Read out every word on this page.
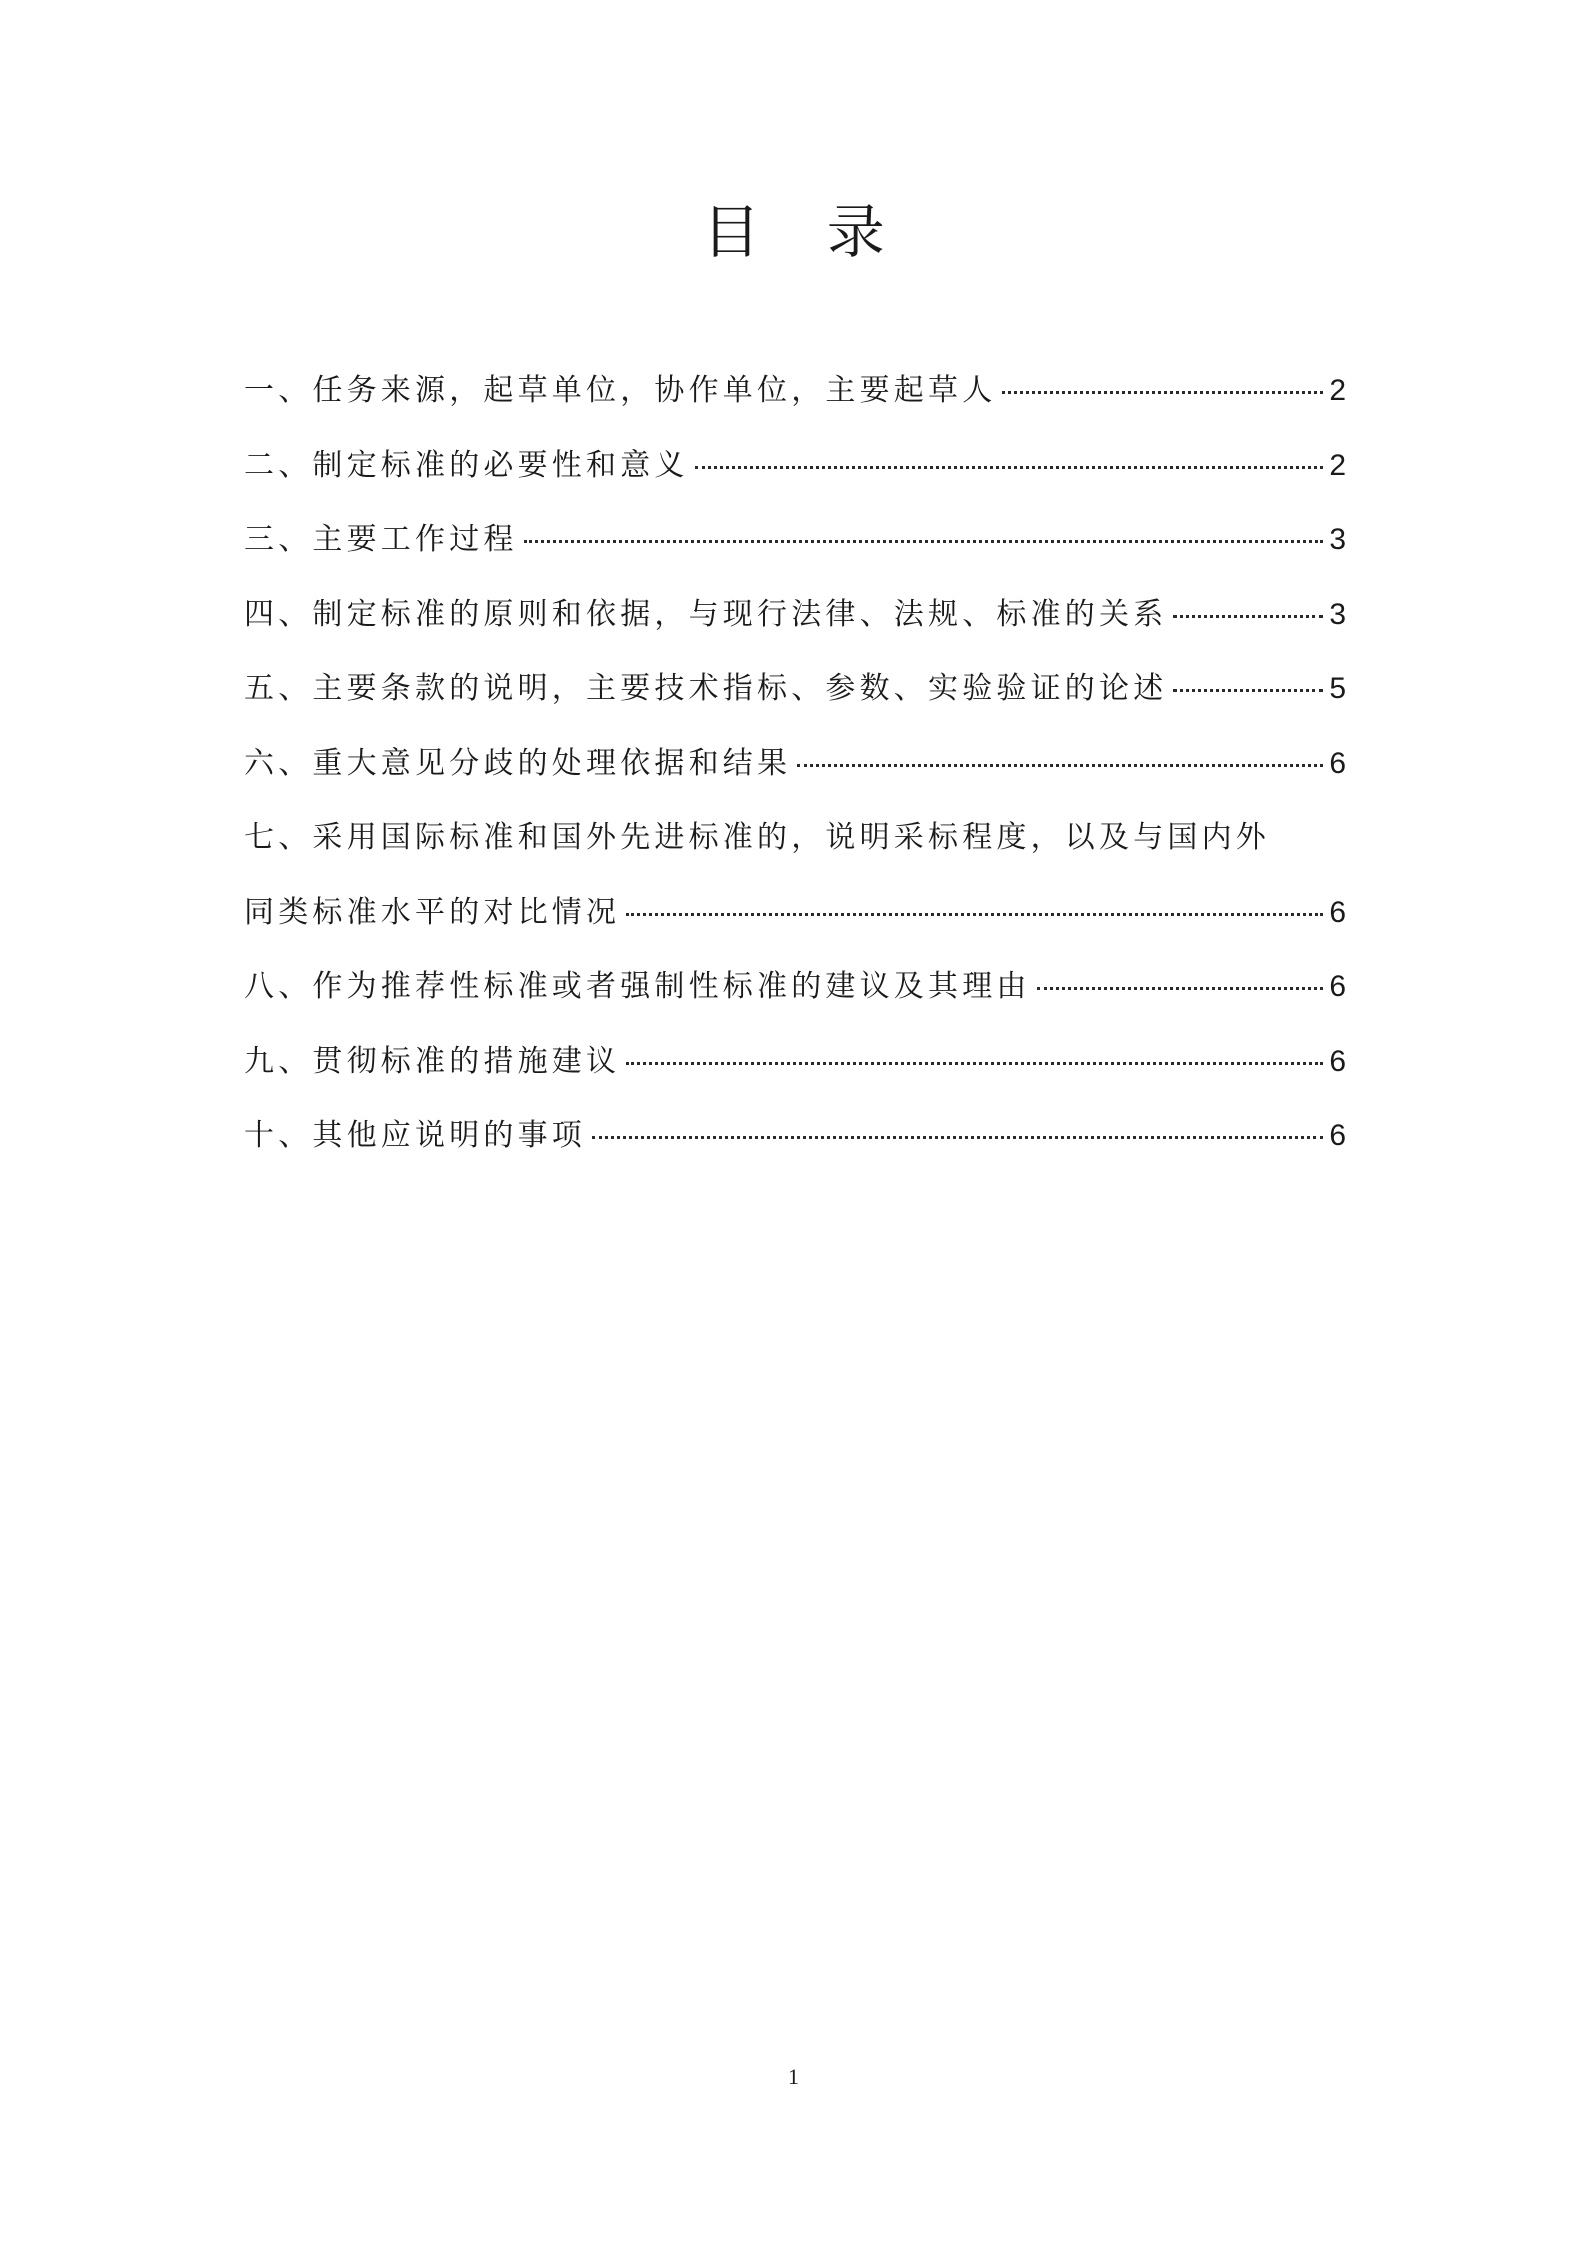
目 录
一、任务来源，起草单位，协作单位，主要起草人	2
二、制定标准的必要性和意义	2
三、主要工作过程	3
四、制定标准的原则和依据，与现行法律、法规、标准的关系	3
五、主要条款的说明，主要技术指标、参数、实验验证的论述	5
六、重大意见分歧的处理依据和结果	6
七、采用国际标准和国外先进标准的，说明采标程度，以及与国内外
同类标准水平的对比情况	6
八、作为推荐性标准或者强制性标准的建议及其理由	6
九、贯彻标准的措施建议	6
十、其他应说明的事项	6
1
